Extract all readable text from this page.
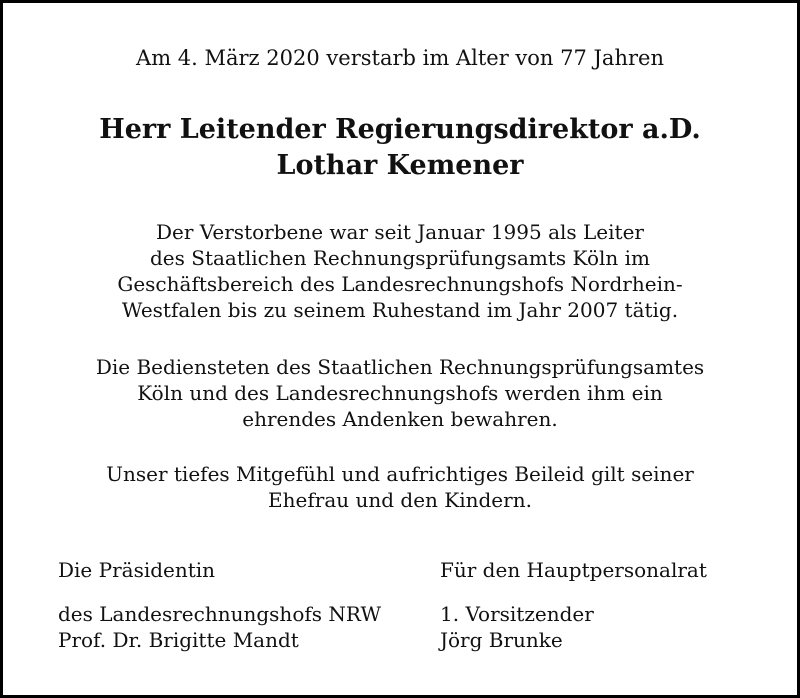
Am 4. März 2020 verstarb im Alter von 77 Jahren
Herr Leitender Regierungsdirektor a.D.
Lothar Kemener
Der Verstorbene war seit Januar 1995 als Leiter
des Staatlichen Rechnungsprüfungsamts Köln im
Geschäftsbereich des Landesrechnungshofs Nordrhein-
Westfalen bis zu seinem Ruhestand im Jahr 2007 tätig.
Die Bediensteten des Staatlichen Rechnungsprüfungsamtes
Köln und des Landesrechnungshofs werden ihm ein
ehrendes Andenken bewahren.
Unser tiefes Mitgefühl und aufrichtiges Beileid gilt seiner
Ehefrau und den Kindern.
Die Präsidentin	Für den Hauptpersonalrat
des Landesrechnungshofs NRW
Prof. Dr. Brigitte Mandt
1. Vorsitzender
Jörg Brunke
